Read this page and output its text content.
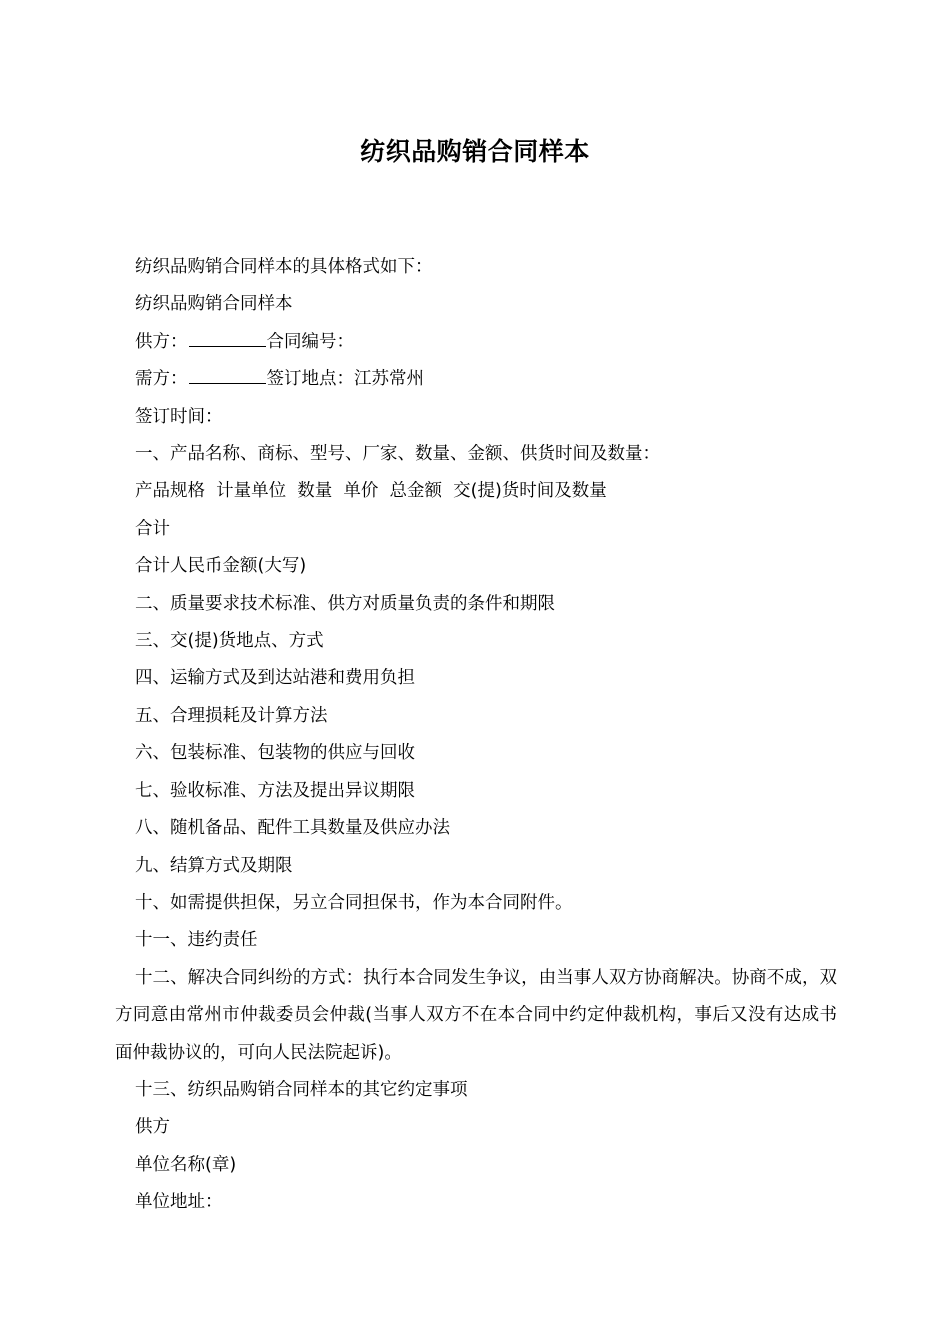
纺织品购销合同样本

纺织品购销合同样本的具体格式如下：

纺织品购销合同样本

供方：	合同编号：

需方：	签订地点：江苏常州

签订时间：

一、产品名称、商标、型号、厂家、数量、金额、供货时间及数量：

产品规格  计量单位  数量  单价  总金额  交(提)货时间及数量

合计

合计人民币金额(大写)

二、质量要求技术标准、供方对质量负责的条件和期限

三、交(提)货地点、方式

四、运输方式及到达站港和费用负担

五、合理损耗及计算方法

六、包装标准、包装物的供应与回收

七、验收标准、方法及提出异议期限

八、随机备品、配件工具数量及供应办法

九、结算方式及期限

十、如需提供担保，另立合同担保书，作为本合同附件。

十一、违约责任

十二、解决合同纠纷的方式：执行本合同发生争议，由当事人双方协商解决。协商不成，双方同意由常州市仲裁委员会仲裁(当事人双方不在本合同中约定仲裁机构，事后又没有达成书面仲裁协议的，可向人民法院起诉)。

十三、纺织品购销合同样本的其它约定事项

供方

单位名称(章)

单位地址：
